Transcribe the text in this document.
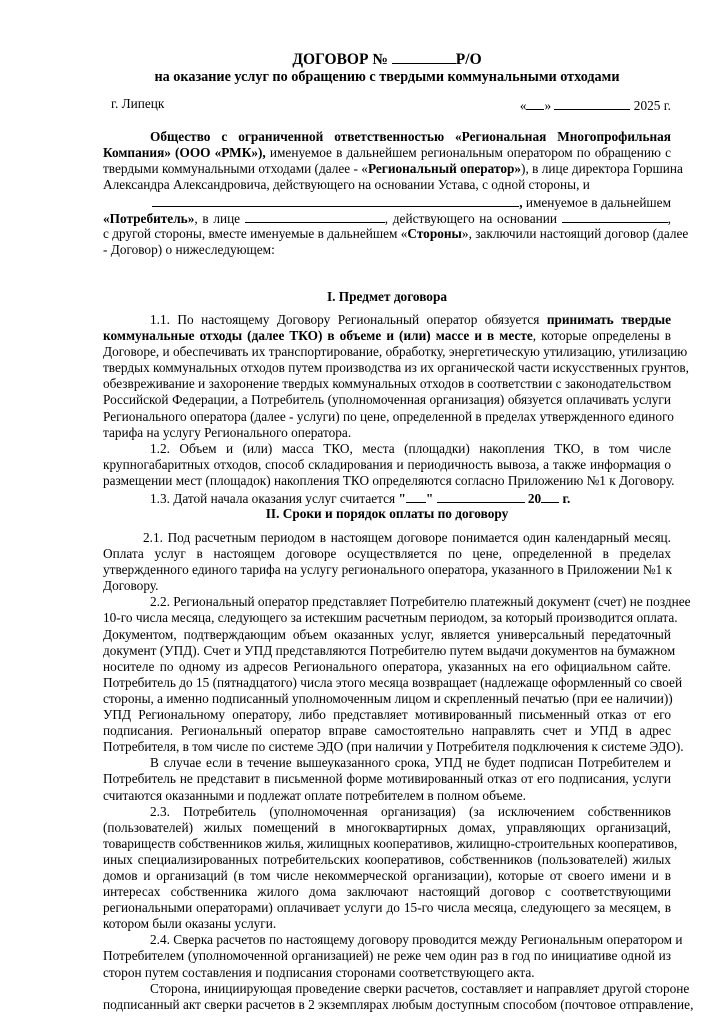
ДОГОВОР №	Р/О
на оказание услуг по обращению с твердыми коммунальными отходами
г. Липецк	« »	2025 г.
Общество с ограниченной ответственностью «Региональная Многопрофильная
Компания» (ООО «РМК»), именуемое в дальнейшем региональным оператором по обращению с
твердыми коммунальными отходами (далее - «Региональный оператор»), в лице директора Горшина
Александра Александровича, действующего на основании Устава, с одной стороны, и
, именуемое в дальнейшем
«Потребитель», в лице	, действующего на основании	,
с другой стороны, вместе именуемые в дальнейшем «Стороны», заключили настоящий договор (далее
- Договор) о нижеследующем:
I. Предмет договора
1.1. По настоящему Договору Региональный оператор обязуется принимать твердые
коммунальные отходы (далее ТКО) в объеме и (или) массе и в месте, которые определены в
Договоре, и обеспечивать их транспортирование, обработку, энергетическую утилизацию, утилизацию
твердых коммунальных отходов путем производства из их органической части искусственных грунтов,
обезвреживание и захоронение твердых коммунальных отходов в соответствии с законодательством
Российской Федерации, а Потребитель (уполномоченная организация) обязуется оплачивать услуги
Регионального оператора (далее - услуги) по цене, определенной в пределах утвержденного единого
тарифа на услугу Регионального оператора.
1.2. Объем и (или) масса ТКО, места (площадки) накопления ТКО, в том числе
крупногабаритных отходов, способ складирования и периодичность вывоза, а также информация о
размещении мест (площадок) накопления ТКО определяются согласно Приложению №1 к Договору.
1.3. Датой начала оказания услуг считается " "	20 г.
II. Сроки и порядок оплаты по договору
2.1. Под расчетным периодом в настоящем договоре понимается один календарный месяц.
Оплата услуг в настоящем договоре осуществляется по цене, определенной в пределах
утвержденного единого тарифа на услугу регионального оператора, указанного в Приложении №1 к
Договору.
2.2. Региональный оператор представляет Потребителю платежный документ (счет) не позднее
10-го числа месяца, следующего за истекшим расчетным периодом, за который производится оплата.
Документом, подтверждающим объем оказанных услуг, является универсальный передаточный
документ (УПД). Счет и УПД представляются Потребителю путем выдачи документов на бумажном
носителе по одному из адресов Регионального оператора, указанных на его официальном сайте.
Потребитель до 15 (пятнадцатого) числа этого месяца возвращает (надлежаще оформленный со своей
стороны, а именно подписанный уполномоченным лицом и скрепленный печатью (при ее наличии))
УПД Региональному оператору, либо представляет мотивированный письменный отказ от его
подписания. Региональный оператор вправе самостоятельно направлять счет и УПД в адрес
Потребителя, в том числе по системе ЭДО (при наличии у Потребителя подключения к системе ЭДО).
В случае если в течение вышеуказанного срока, УПД не будет подписан Потребителем и
Потребитель не представит в письменной форме мотивированный отказ от его подписания, услуги
считаются оказанными и подлежат оплате потребителем в полном объеме.
2.3. Потребитель (уполномоченная организация) (за исключением собственников
(пользователей) жилых помещений в многоквартирных домах, управляющих организаций,
товариществ собственников жилья, жилищных кооперативов, жилищно-строительных кооперативов,
иных специализированных потребительских кооперативов, собственников (пользователей) жилых
домов и организаций (в том числе некоммерческой организации), которые от своего имени и в
интересах собственника жилого дома заключают настоящий договор с соответствующими
региональными операторами) оплачивает услуги до 15-го числа месяца, следующего за месяцем, в
котором были оказаны услуги.
2.4. Сверка расчетов по настоящему договору проводится между Региональным оператором и
Потребителем (уполномоченной организацией) не реже чем один раз в год по инициативе одной из
сторон путем составления и подписания сторонами соответствующего акта.
Сторона, инициирующая проведение сверки расчетов, составляет и направляет другой стороне
подписанный акт сверки расчетов в 2 экземплярах любым доступным способом (почтовое отправление,
